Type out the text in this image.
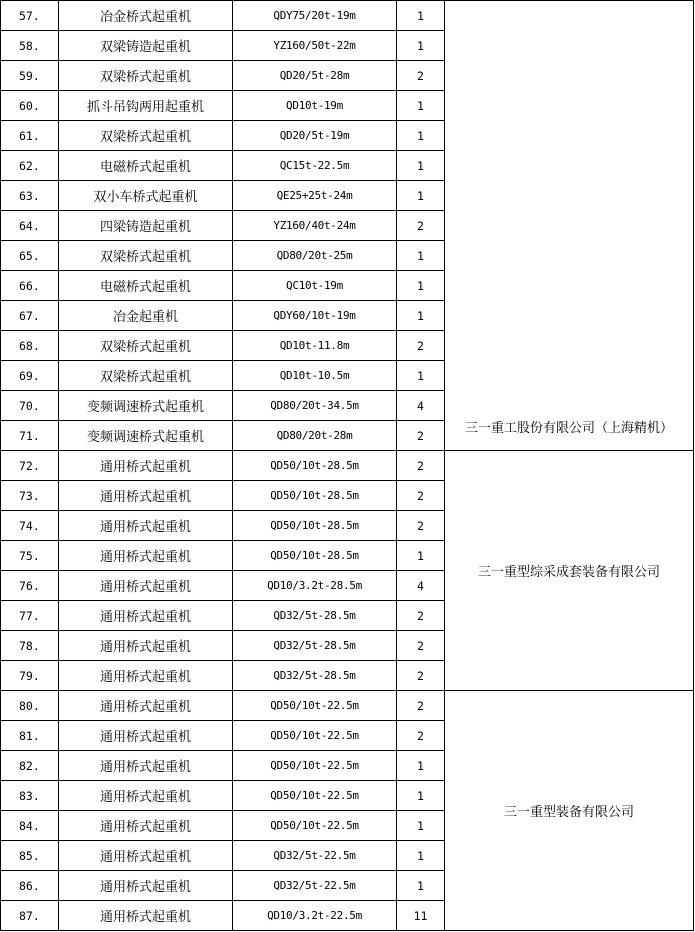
57.	冶金桥式起重机	QDY75/20t-19m	1	三一重工股份有限公司（上海精机）
58.	双梁铸造起重机	YZ160/50t-22m	1	
59.	双梁桥式起重机	QD20/5t-28m	2	
60.	抓斗吊钩两用起重机	QD10t-19m	1	
61.	双梁桥式起重机	QD20/5t-19m	1	
62.	电磁桥式起重机	QC15t-22.5m	1	
63.	双小车桥式起重机	QE25+25t-24m	1	
64.	四梁铸造起重机	YZ160/40t-24m	2	
65.	双梁桥式起重机	QD80/20t-25m	1	
66.	电磁桥式起重机	QC10t-19m	1	
67.	冶金起重机	QDY60/10t-19m	1	
68.	双梁桥式起重机	QD10t-11.8m	2	
69.	双梁桥式起重机	QD10t-10.5m	1	
70.	变频调速桥式起重机	QD80/20t-34.5m	4	
71.	变频调速桥式起重机	QD80/20t-28m	2	
72.	通用桥式起重机	QD50/10t-28.5m	2	三一重型综采成套装备有限公司
73.	通用桥式起重机	QD50/10t-28.5m	2	
74.	通用桥式起重机	QD50/10t-28.5m	2	
75.	通用桥式起重机	QD50/10t-28.5m	1	
76.	通用桥式起重机	QD10/3.2t-28.5m	4	
77.	通用桥式起重机	QD32/5t-28.5m	2	
78.	通用桥式起重机	QD32/5t-28.5m	2	
79.	通用桥式起重机	QD32/5t-28.5m	2	
80.	通用桥式起重机	QD50/10t-22.5m	2	三一重型装备有限公司
81.	通用桥式起重机	QD50/10t-22.5m	2	
82.	通用桥式起重机	QD50/10t-22.5m	1	
83.	通用桥式起重机	QD50/10t-22.5m	1	
84.	通用桥式起重机	QD50/10t-22.5m	1	
85.	通用桥式起重机	QD32/5t-22.5m	1	
86.	通用桥式起重机	QD32/5t-22.5m	1	
87.	通用桥式起重机	QD10/3.2t-22.5m	11	
